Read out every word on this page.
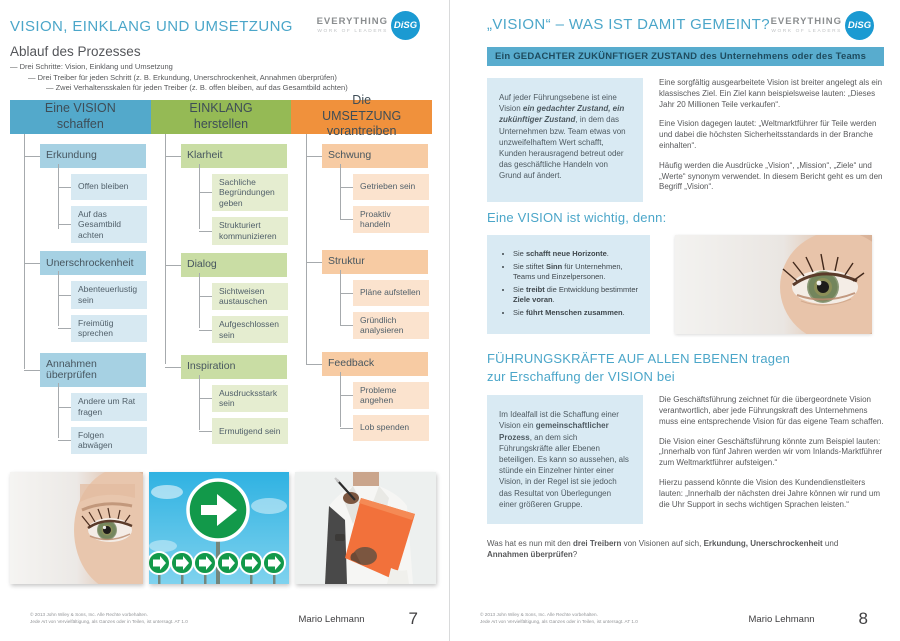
EVERYTHING
WORK OF LEADERS
DiSG
VISION, EINKLANG UND UMSETZUNG
Ablauf des Prozesses
— Drei Schritte: Vision, Einklang und Umsetzung
— Drei Treiber für jeden Schritt (z. B. Erkundung, Unerschrockenheit, Annahmen überprüfen)
— Zwei Verhaltensskalen für jeden Treiber (z. B. offen bleiben, auf das Gesamtbild achten)
Eine VISION schaffen
EINKLANG herstellen
Die UMSETZUNG vorantreiben
Erkundung
Offen bleiben
Auf das Gesamtbild achten
Unerschrockenheit
Abenteuerlustig sein
Freimütig sprechen
Annahmen überprüfen
Andere um Rat fragen
Folgen abwägen
Klarheit
Sachliche Begründungen geben
Strukturiert kommunizieren
Dialog
Sichtweisen austauschen
Aufgeschlossen sein
Inspiration
Ausdrucksstark sein
Ermutigend sein
Schwung
Getrieben sein
Proaktiv handeln
Struktur
Pläne aufstellen
Gründlich analysieren
Feedback
Probleme angehen
Lob spenden
© 2013 John Wiley & Sons, Inc. Alle Rechte vorbehalten.
Jede Art von Vervielfältigung, als Ganzes oder in Teilen, ist untersagt. AT 1.0	Mario Lehmann	7
EVERYTHING
WORK OF LEADERS
DiSG
„VISION“ – WAS IST DAMIT GEMEINT?
Ein GEDACHTER ZUKÜNFTIGER ZUSTAND des Unternehmens oder des Teams
Auf jeder Führungsebene ist eine Vision ein gedachter Zustand, ein zukünftiger Zustand, in dem das Unternehmen bzw. Team etwas von unzweifelhaftem Wert schafft, Kunden herausragend betreut oder das geschäftliche Handeln von Grund auf ändert.

Eine sorgfältig ausgearbeitete Vision ist breiter angelegt als ein klassisches Ziel. Ein Ziel kann beispielsweise lauten: „Dieses Jahr 20 Millionen Teile verkaufen“.

Eine Vision dagegen lautet: „Weltmarktführer für Teile werden und dabei die höchsten Sicherheitsstandards in der Branche einhalten“.

Häufig werden die Ausdrücke „Vision“, „Mission“, „Ziele“ und „Werte“ synonym verwendet. In diesem Bericht geht es um den Begriff „Vision“.

Eine VISION ist wichtig, denn:
• Sie schafft neue Horizonte.
• Sie stiftet Sinn für Unternehmen, Teams und Einzelpersonen.
• Sie treibt die Entwicklung bestimmter Ziele voran.
• Sie führt Menschen zusammen.
FÜHRUNGSKRÄFTE AUF ALLEN EBENEN tragen
zur Erschaffung der VISION bei
Im Idealfall ist die Schaffung einer Vision ein gemeinschaftlicher Prozess, an dem sich Führungskräfte aller Ebenen beteiligen. Es kann so aussehen, als stünde ein Einzelner hinter einer Vision, in der Regel ist sie jedoch das Resultat von Überlegungen einer größeren Gruppe.

Die Geschäftsführung zeichnet für die übergeordnete Vision verantwortlich, aber jede Führungskraft des Unternehmens muss eine entsprechende Vision für das eigene Team schaffen.

Die Vision einer Geschäftsführung könnte zum Beispiel lauten: „Innerhalb von fünf Jahren werden wir vom Inlands-Marktführer zum Weltmarktführer aufsteigen.“

Hierzu passend könnte die Vision des Kundendienstleiters lauten: „Innerhalb der nächsten drei Jahre können wir rund um die Uhr Support in sechs wichtigen Sprachen leisten.“

Was hat es nun mit den drei Treibern von Visionen auf sich, Erkundung, Unerschrockenheit und Annahmen überprüfen?
© 2013 John Wiley & Sons, Inc. Alle Rechte vorbehalten.
Jede Art von Vervielfältigung, als Ganzes oder in Teilen, ist untersagt. AT 1.0	Mario Lehmann	8
